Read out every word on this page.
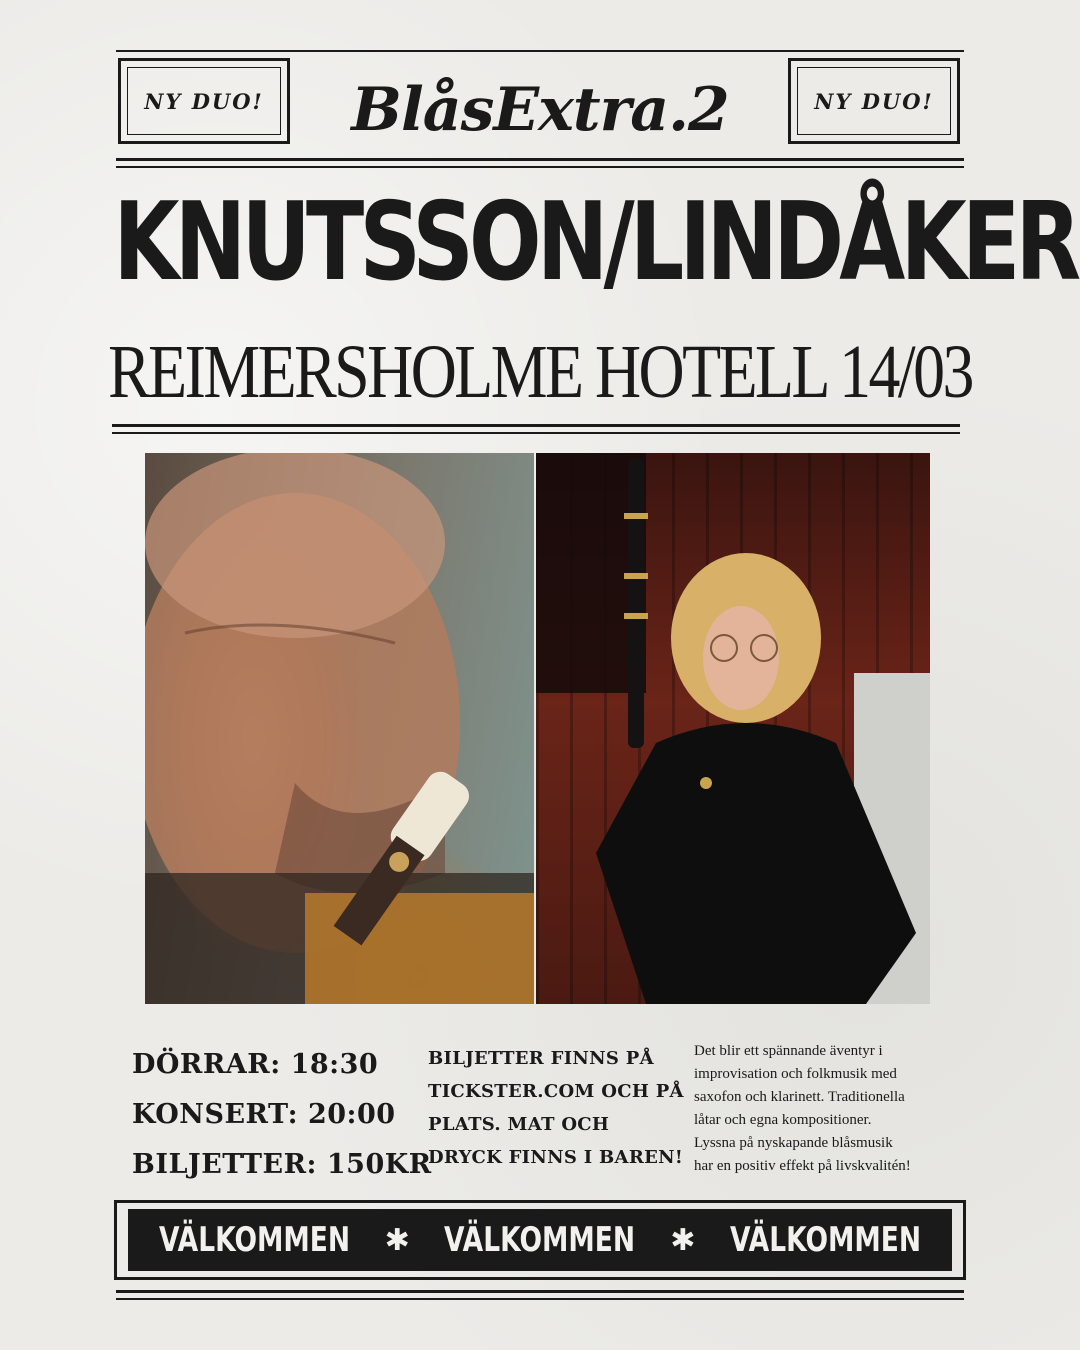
NY DUO!	NY DUO!
BlåsExtra.2
KNUTSSON/LINDÅKER
REIMERSHOLME HOTELL 14/03
DÖRRAR: 18:30
KONSERT: 20:00
BILJETTER: 150KR
BILJETTER FINNS PÅ
TICKSTER.COM OCH PÅ
PLATS. MAT OCH
DRYCK FINNS I BAREN!
Det blir ett spännande äventyr i
improvisation och folkmusik med
saxofon och klarinett. Traditionella
låtar och egna kompositioner.
Lyssna på nyskapande blåsmusik
har en positiv effekt på livskvalitén!
VÄLKOMMEN ✱ VÄLKOMMEN ✱ VÄLKOMMEN
